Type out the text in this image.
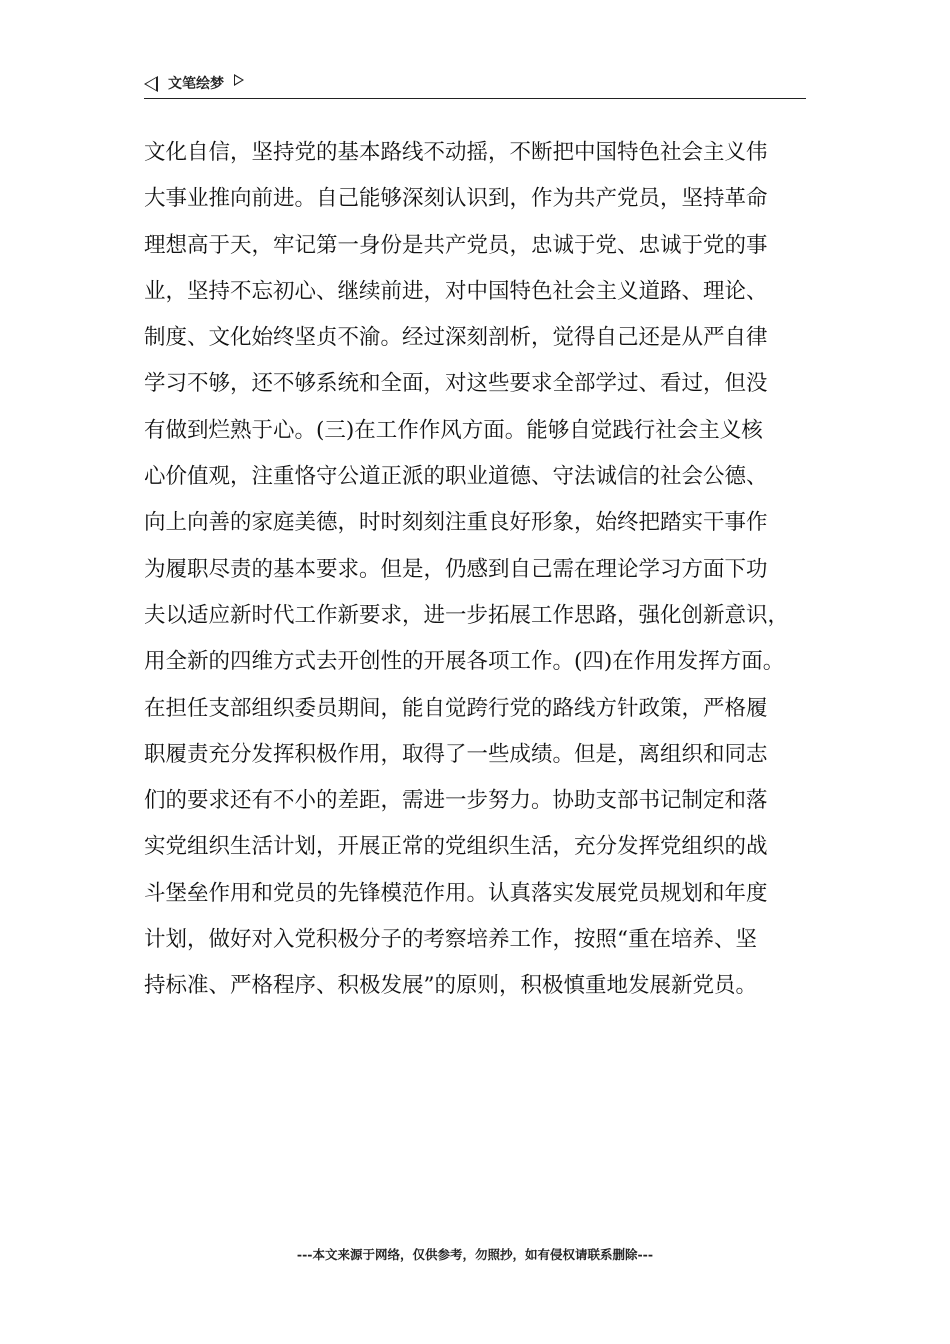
文笔绘梦
文化自信，坚持党的基本路线不动摇，不断把中国特色社会主义伟
大事业推向前进。自己能够深刻认识到，作为共产党员，坚持革命
理想高于天，牢记第一身份是共产党员，忠诚于党、忠诚于党的事
业，坚持不忘初心、继续前进，对中国特色社会主义道路、理论、
制度、文化始终坚贞不渝。经过深刻剖析，觉得自己还是从严自律
学习不够，还不够系统和全面，对这些要求全部学过、看过，但没
有做到烂熟于心。(三)在工作作风方面。能够自觉践行社会主义核
心价值观，注重恪守公道正派的职业道德、守法诚信的社会公德、
向上向善的家庭美德，时时刻刻注重良好形象，始终把踏实干事作
为履职尽责的基本要求。但是，仍感到自己需在理论学习方面下功
夫以适应新时代工作新要求，进一步拓展工作思路，强化创新意识，
用全新的四维方式去开创性的开展各项工作。(四)在作用发挥方面。
在担任支部组织委员期间，能自觉跨行党的路线方针政策，严格履
职履责充分发挥积极作用，取得了一些成绩。但是，离组织和同志
们的要求还有不小的差距，需进一步努力。协助支部书记制定和落
实党组织生活计划，开展正常的党组织生活，充分发挥党组织的战
斗堡垒作用和党员的先锋模范作用。认真落实发展党员规划和年度
计划，做好对入党积极分子的考察培养工作，按照“重在培养、坚
持标准、严格程序、积极发展”的原则，积极慎重地发展新党员。
---本文来源于网络，仅供参考，勿照抄，如有侵权请联系删除---
